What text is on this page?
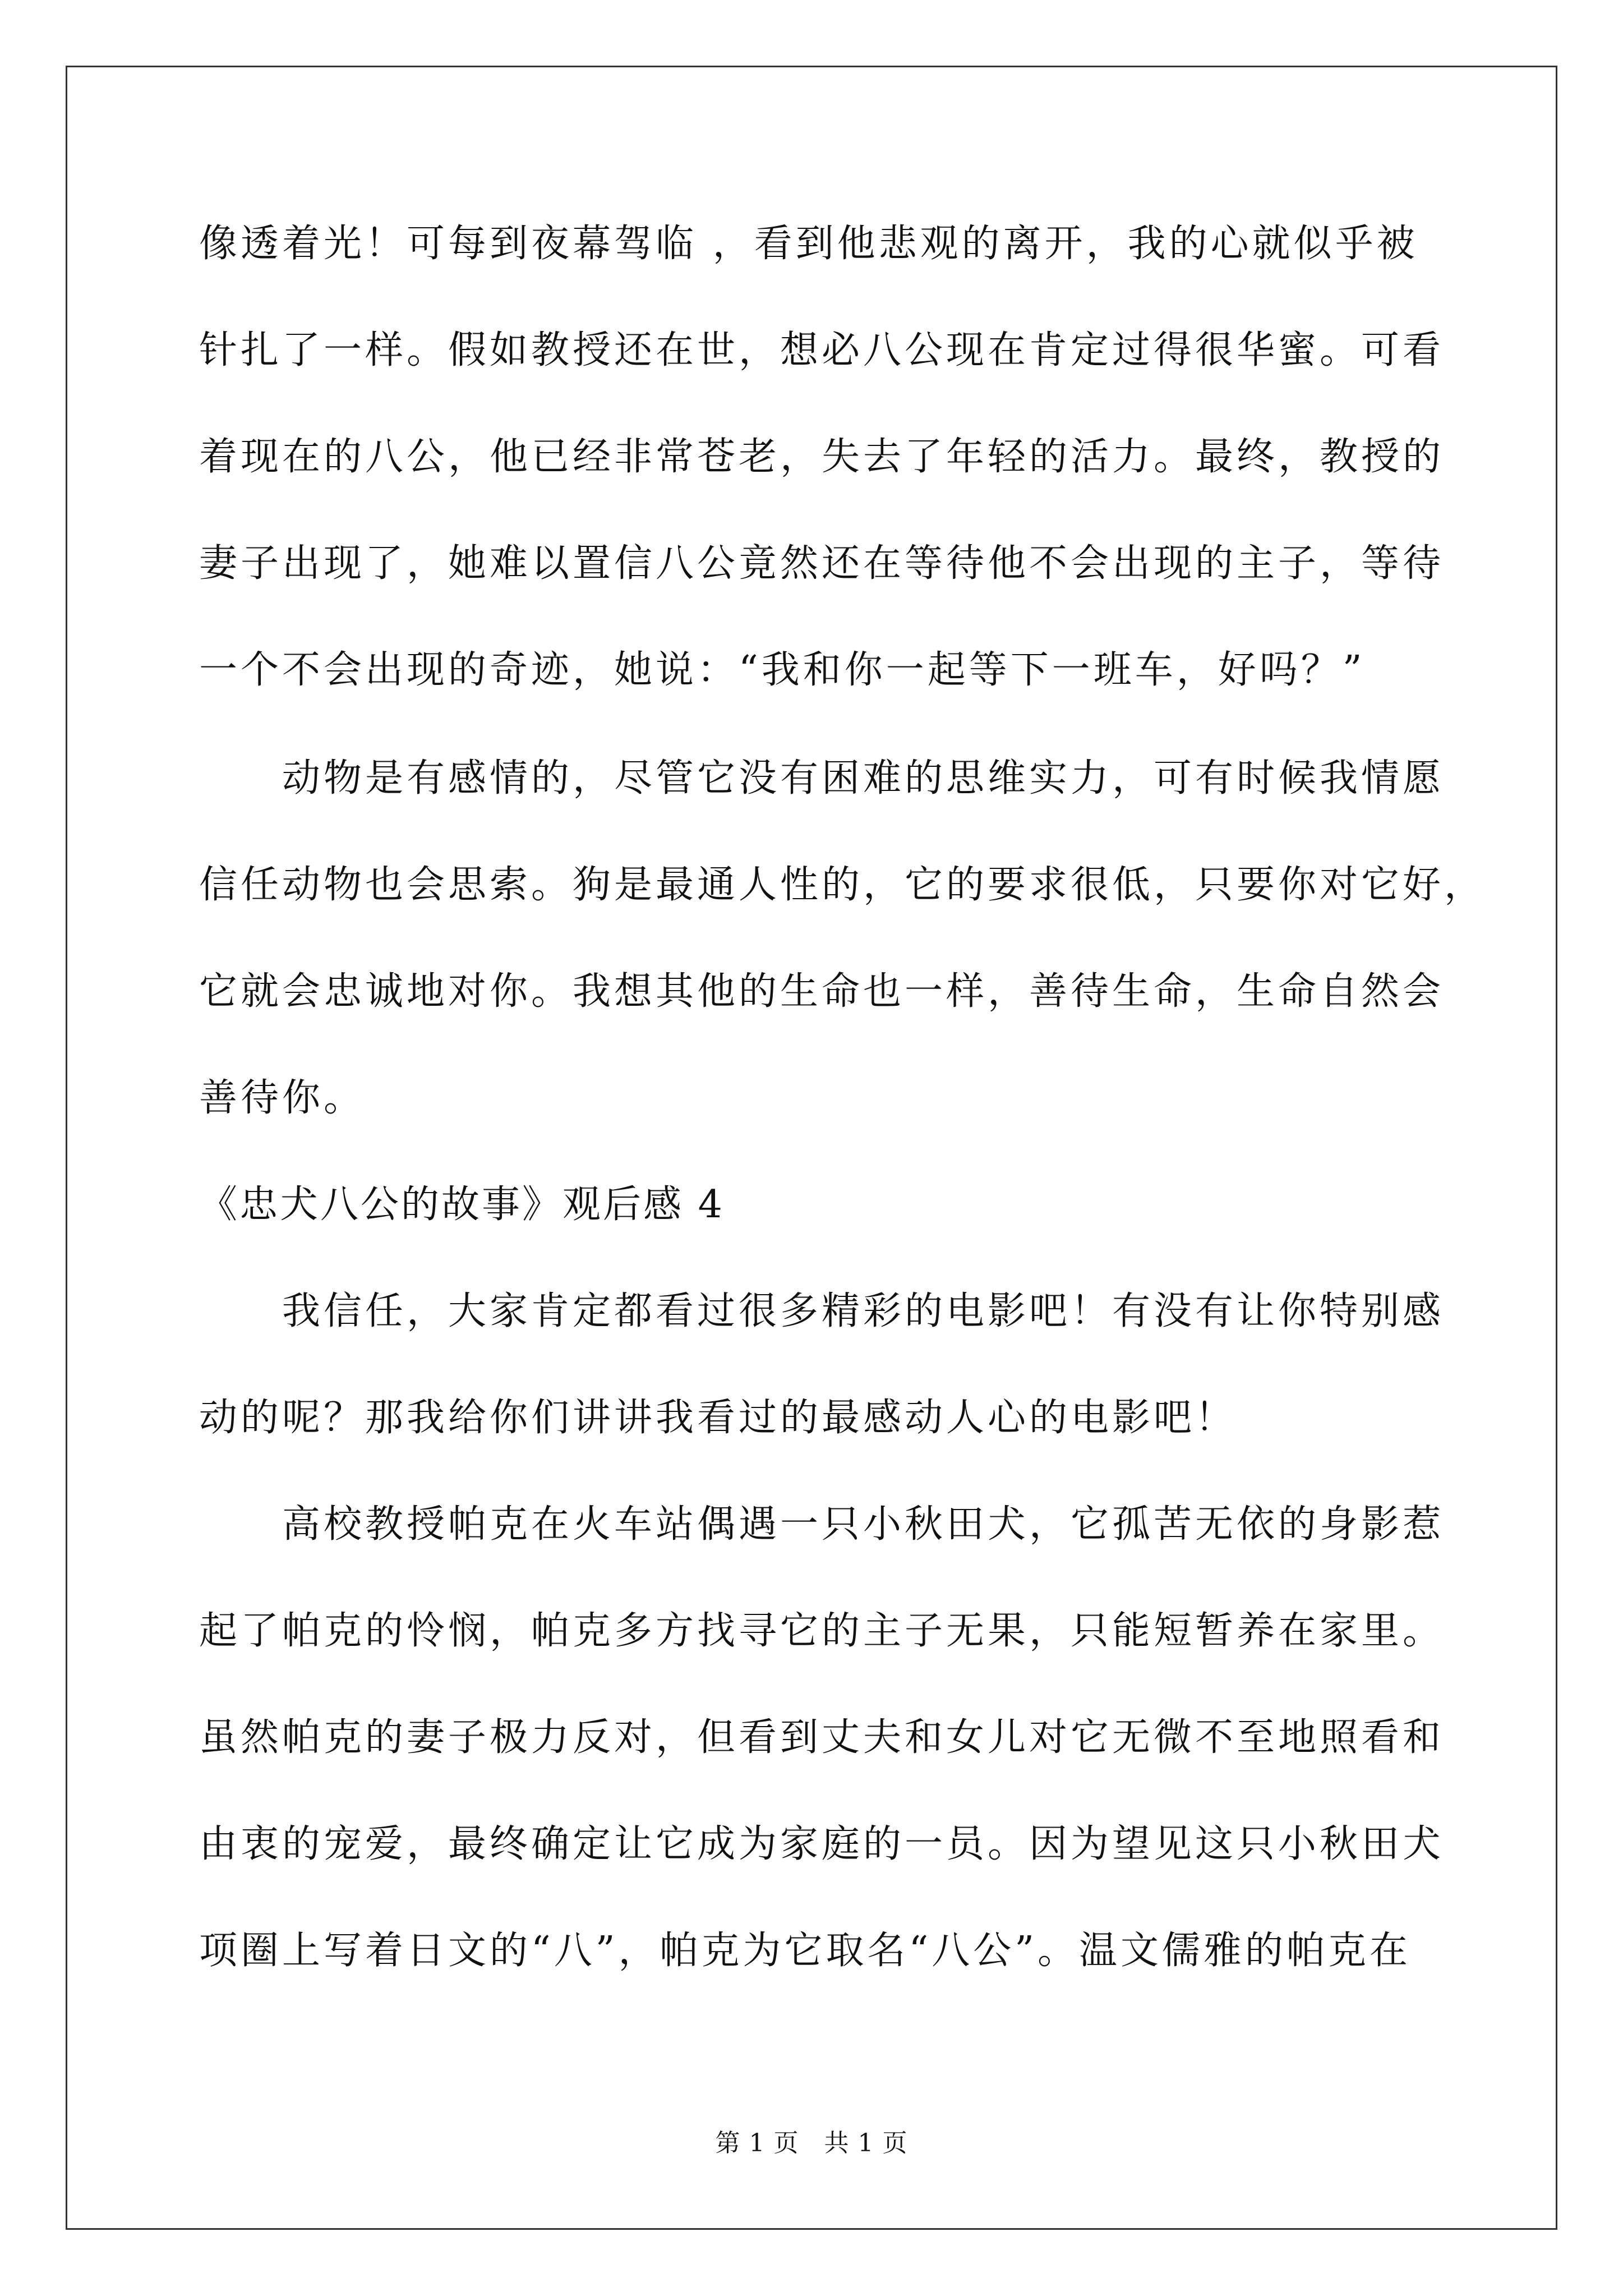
像透着光！可每到夜幕驾临 ，看到他悲观的离开，我的心就似乎被
针扎了一样。假如教授还在世，想必八公现在肯定过得很华蜜。可看
着现在的八公，他已经非常苍老，失去了年轻的活力。最终，教授的
妻子出现了，她难以置信八公竟然还在等待他不会出现的主子，等待
一个不会出现的奇迹，她说：“我和你一起等下一班车，好吗？”
　　动物是有感情的，尽管它没有困难的思维实力，可有时候我情愿
信任动物也会思索。狗是最通人性的，它的要求很低，只要你对它好，
它就会忠诚地对你。我想其他的生命也一样，善待生命，生命自然会
善待你。
《忠犬八公的故事》观后感 4
　　我信任，大家肯定都看过很多精彩的电影吧！有没有让你特别感
动的呢？那我给你们讲讲我看过的最感动人心的电影吧！
　　高校教授帕克在火车站偶遇一只小秋田犬，它孤苦无依的身影惹
起了帕克的怜悯，帕克多方找寻它的主子无果，只能短暂养在家里。
虽然帕克的妻子极力反对，但看到丈夫和女儿对它无微不至地照看和
由衷的宠爱，最终确定让它成为家庭的一员。因为望见这只小秋田犬
项圈上写着日文的“八”，帕克为它取名“八公”。温文儒雅的帕克在
第 1 页　共 1 页
